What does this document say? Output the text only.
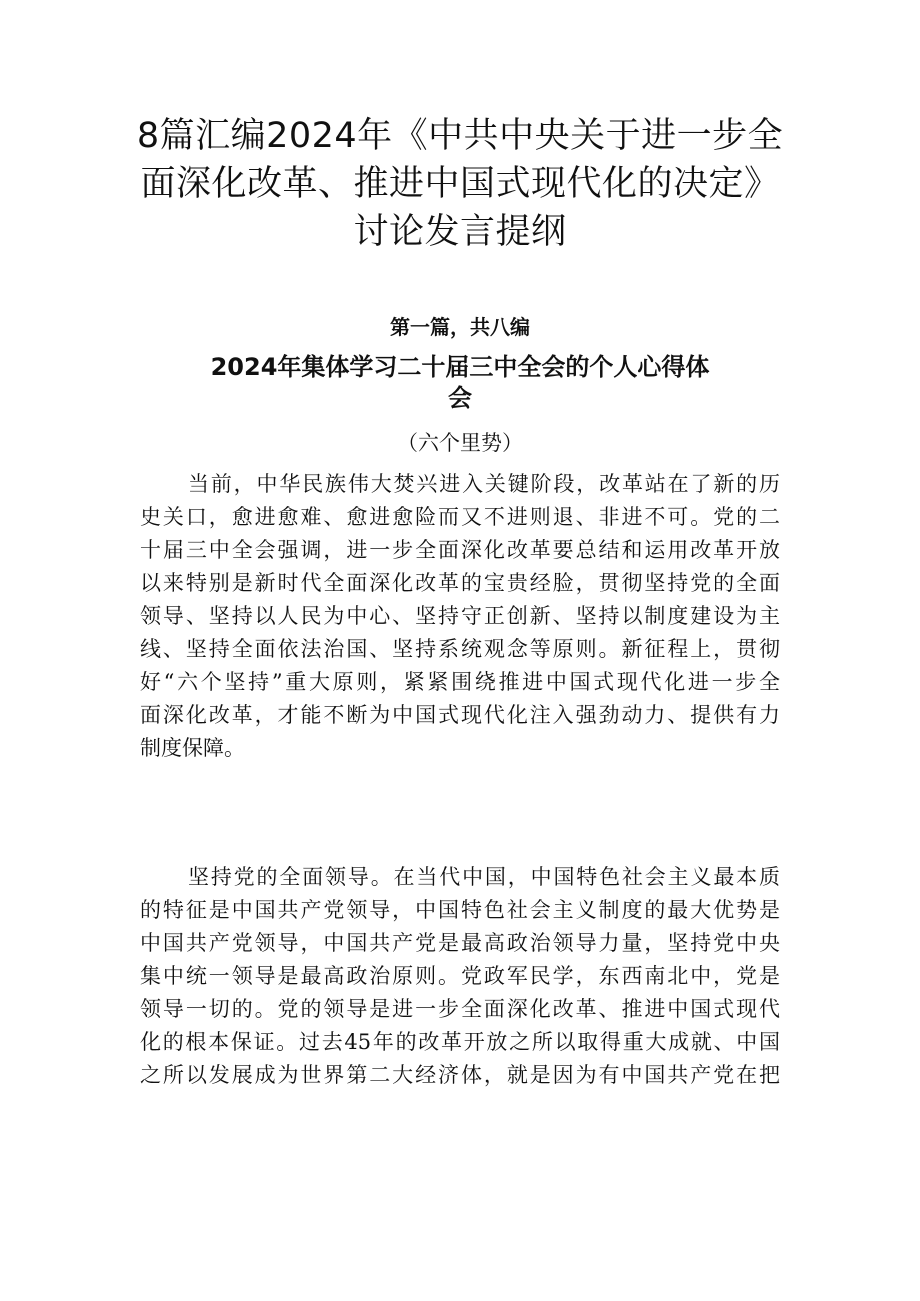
8篇汇编2024年《中共中央关于进一步全
面深化改革、推进中国式现代化的决定》
讨论发言提纲
第一篇，共八编
2024年集体学习二十届三中全会的个人心得体
会
（六个里势）
当前，中华民族伟大焚兴进入关键阶段，改革站在了新的历
史关口，愈进愈难、愈进愈险而又不进则退、非进不可。党的二
十届三中全会强调，进一步全面深化改革要总结和运用改革开放
以来特别是新时代全面深化改革的宝贵经脸，贯彻坚持党的全面
领导、坚持以人民为中心、坚持守正创新、坚持以制度建设为主
线、坚持全面依法治国、坚持系统观念等原则。新征程上，贯彻
好“六个坚持”重大原则，紧紧围绕推进中国式现代化进一步全
面深化改革，才能不断为中国式现代化注入强劲动力、提供有力
制度保障。
坚持党的全面领导。在当代中国，中国特色社会主义最本质
的特征是中国共产党领导，中国特色社会主义制度的最大优势是
中国共产党领导，中国共产党是最高政治领导力量，坚持党中央
集中统一领导是最高政治原则。党政军民学，东西南北中，党是
领导一切的。党的领导是进一步全面深化改革、推进中国式现代
化的根本保证。过去45年的改革开放之所以取得重大成就、中国
之所以发展成为世界第二大经济体，就是因为有中国共产党在把
